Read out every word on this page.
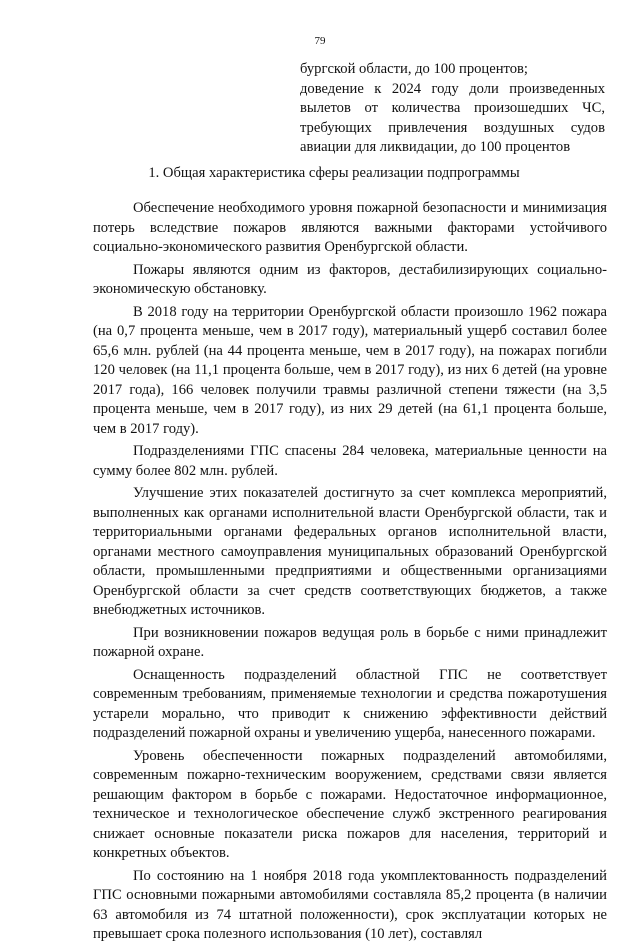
79

бургской области, до 100 процентов;

доведение к 2024 году доли произведенных вылетов от количества произошедших ЧС, требующих привлечения воздушных судов авиации для ликвидации, до 100 процентов

1. Общая характеристика сферы реализации подпрограммы

Обеспечение необходимого уровня пожарной безопасности и минимизация потерь вследствие пожаров являются важными факторами устойчивого социально-экономического развития Оренбургской области.

Пожары являются одним из факторов, дестабилизирующих социально-экономическую обстановку.

В 2018 году на территории Оренбургской области произошло 1962 пожара (на 0,7 процента меньше, чем в 2017 году), материальный ущерб составил более 65,6 млн. рублей (на 44 процента меньше, чем в 2017 году), на пожарах погибли 120 человек (на 11,1 процента больше, чем в 2017 году), из них 6 детей (на уровне 2017 года), 166 человек получили травмы различной степени тяжести (на 3,5 процента меньше, чем в 2017 году), из них 29 детей (на 61,1 процента больше, чем в 2017 году).

Подразделениями ГПС спасены 284 человека, материальные ценности на сумму более 802 млн. рублей.

Улучшение этих показателей достигнуто за счет комплекса мероприятий, выполненных как органами исполнительной власти Оренбургской области, так и территориальными органами федеральных органов исполнительной власти, органами местного самоуправления муниципальных образований Оренбургской области, промышленными предприятиями и общественными организациями Оренбургской области за счет средств соответствующих бюджетов, а также внебюджетных источников.

При возникновении пожаров ведущая роль в борьбе с ними принадлежит пожарной охране.

Оснащенность подразделений областной ГПС не соответствует современным требованиям, применяемые технологии и средства пожаротушения устарели морально, что приводит к снижению эффективности действий подразделений пожарной охраны и увеличению ущерба, нанесенного пожарами.

Уровень обеспеченности пожарных подразделений автомобилями, современным пожарно-техническим вооружением, средствами связи является решающим фактором в борьбе с пожарами. Недостаточное информационное, техническое и технологическое обеспечение служб экстренного реагирования снижает основные показатели риска пожаров для населения, территорий и конкретных объектов.

По состоянию на 1 ноября 2018 года укомплектованность подразделений ГПС основными пожарными автомобилями составляла 85,2 процента (в наличии 63 автомобиля из 74 штатной положенности), срок эксплуатации которых не превышает срока полезного использования (10 лет), составлял
